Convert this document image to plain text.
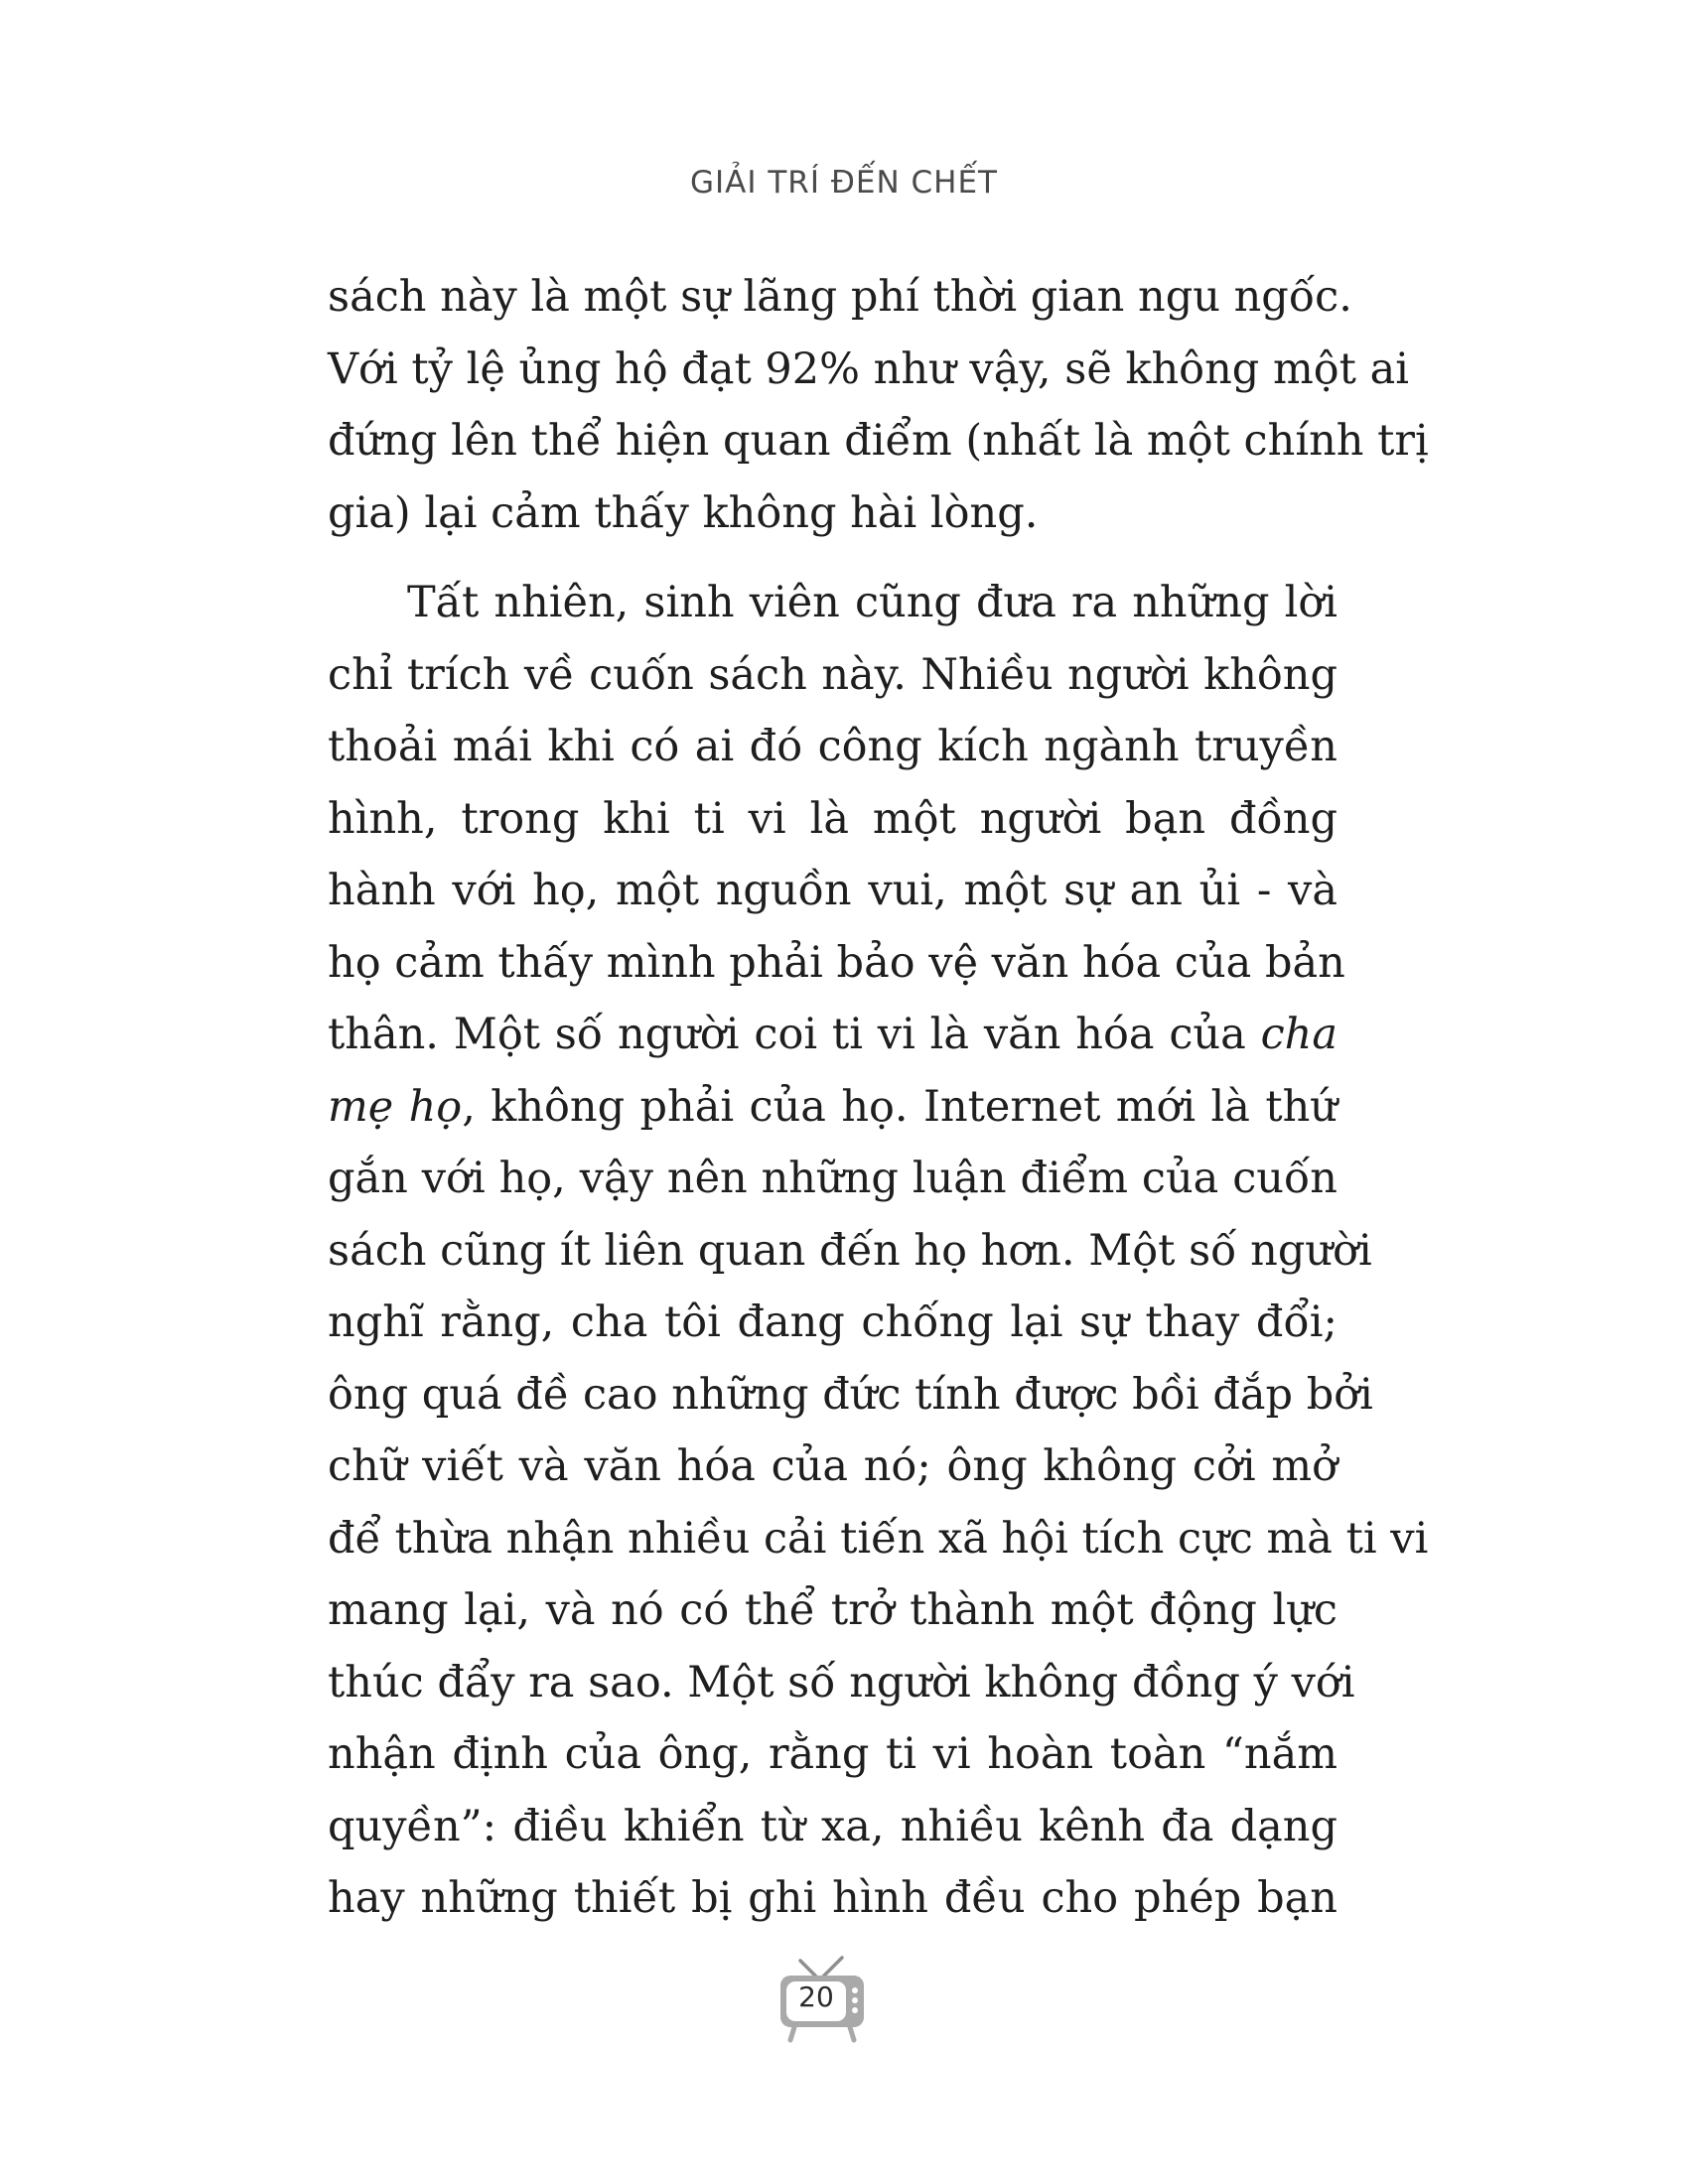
GIẢI TRÍ ĐẾN CHẾT
sách này là một sự lãng phí thời gian ngu ngốc.
Với tỷ lệ ủng hộ đạt 92% như vậy, sẽ không một ai
đứng lên thể hiện quan điểm (nhất là một chính trị
gia) lại cảm thấy không hài lòng.
Tất nhiên, sinh viên cũng đưa ra những lời
chỉ trích về cuốn sách này. Nhiều người không
thoải mái khi có ai đó công kích ngành truyền
hình, trong khi ti vi là một người bạn đồng
hành với họ, một nguồn vui, một sự an ủi - và
họ cảm thấy mình phải bảo vệ văn hóa của bản
thân. Một số người coi ti vi là văn hóa của cha
mẹ họ, không phải của họ. Internet mới là thứ
gắn với họ, vậy nên những luận điểm của cuốn
sách cũng ít liên quan đến họ hơn. Một số người
nghĩ rằng, cha tôi đang chống lại sự thay đổi;
ông quá đề cao những đức tính được bồi đắp bởi
chữ viết và văn hóa của nó; ông không cởi mở
để thừa nhận nhiều cải tiến xã hội tích cực mà ti vi
mang lại, và nó có thể trở thành một động lực
thúc đẩy ra sao. Một số người không đồng ý với
nhận định của ông, rằng ti vi hoàn toàn “nắm
quyền”: điều khiển từ xa, nhiều kênh đa dạng
hay những thiết bị ghi hình đều cho phép bạn
20
